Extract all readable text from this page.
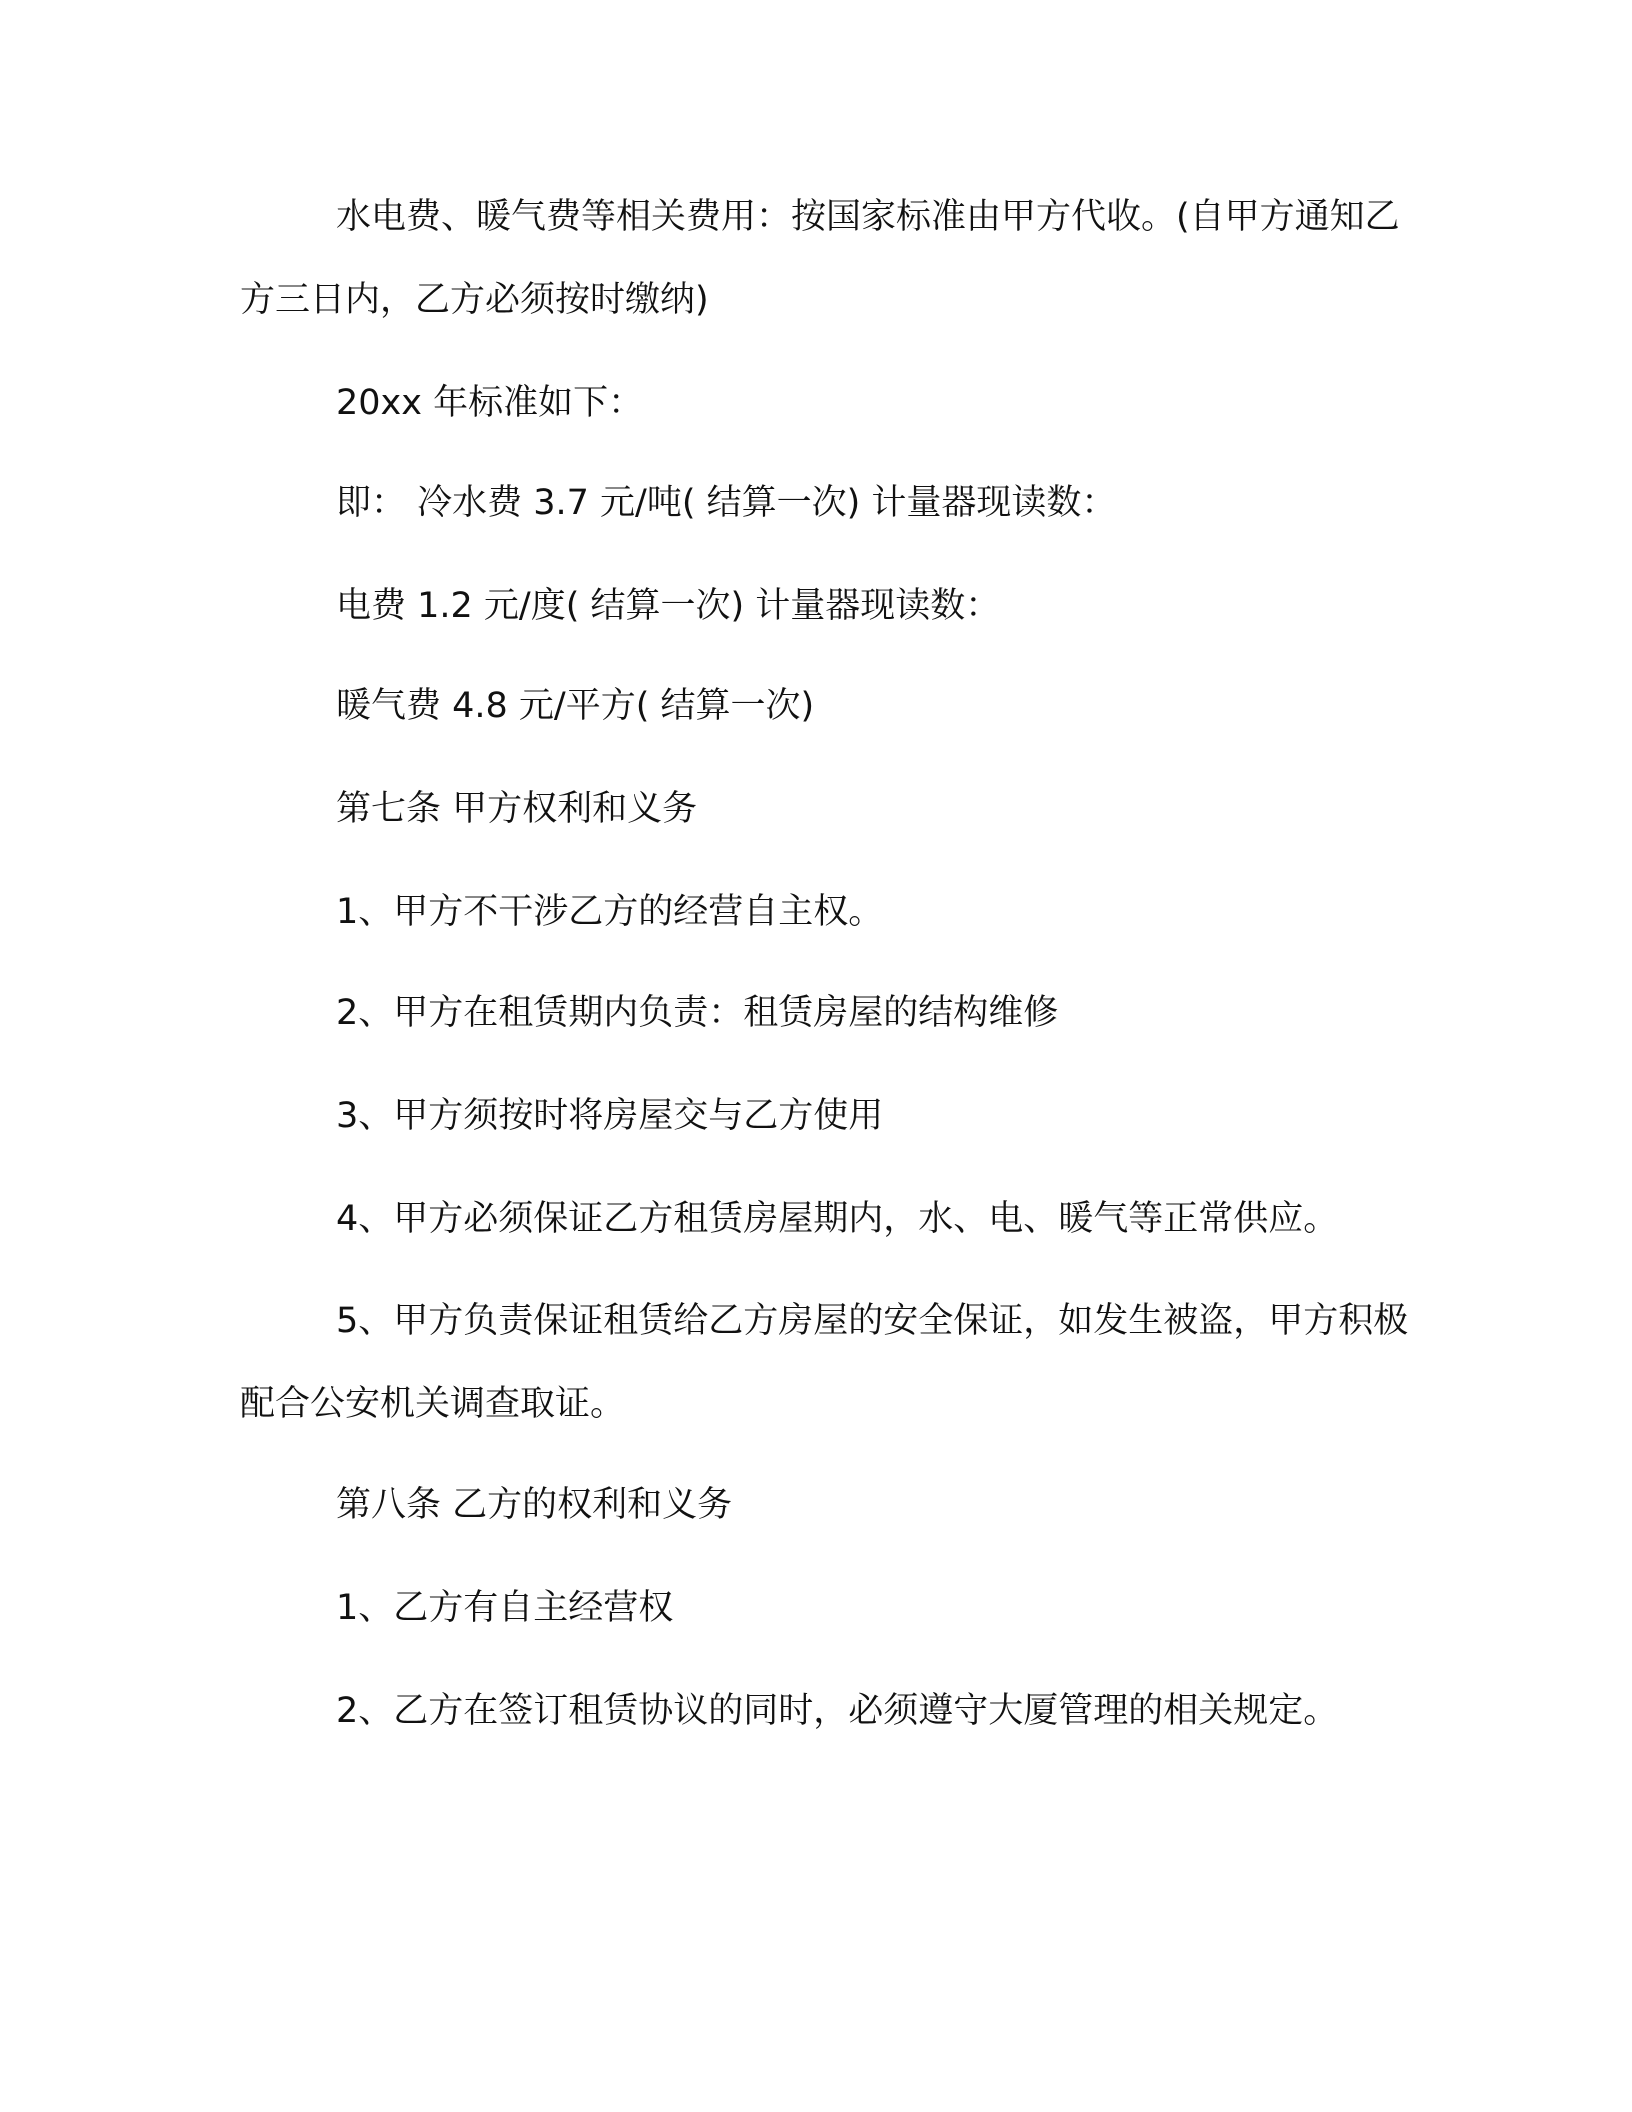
水电费、暖气费等相关费用：按国家标准由甲方代收。(自甲方通知乙方三日内，乙方必须按时缴纳)

20xx 年标准如下：

即： 冷水费 3.7 元/吨( 结算一次) 计量器现读数：

电费 1.2 元/度( 结算一次) 计量器现读数：

暖气费 4.8 元/平方( 结算一次)

第七条 甲方权利和义务

1、甲方不干涉乙方的经营自主权。

2、甲方在租赁期内负责：租赁房屋的结构维修

3、甲方须按时将房屋交与乙方使用

4、甲方必须保证乙方租赁房屋期内，水、电、暖气等正常供应。

5、甲方负责保证租赁给乙方房屋的安全保证，如发生被盗，甲方积极配合公安机关调查取证。

第八条 乙方的权利和义务

1、乙方有自主经营权

2、乙方在签订租赁协议的同时，必须遵守大厦管理的相关规定。
